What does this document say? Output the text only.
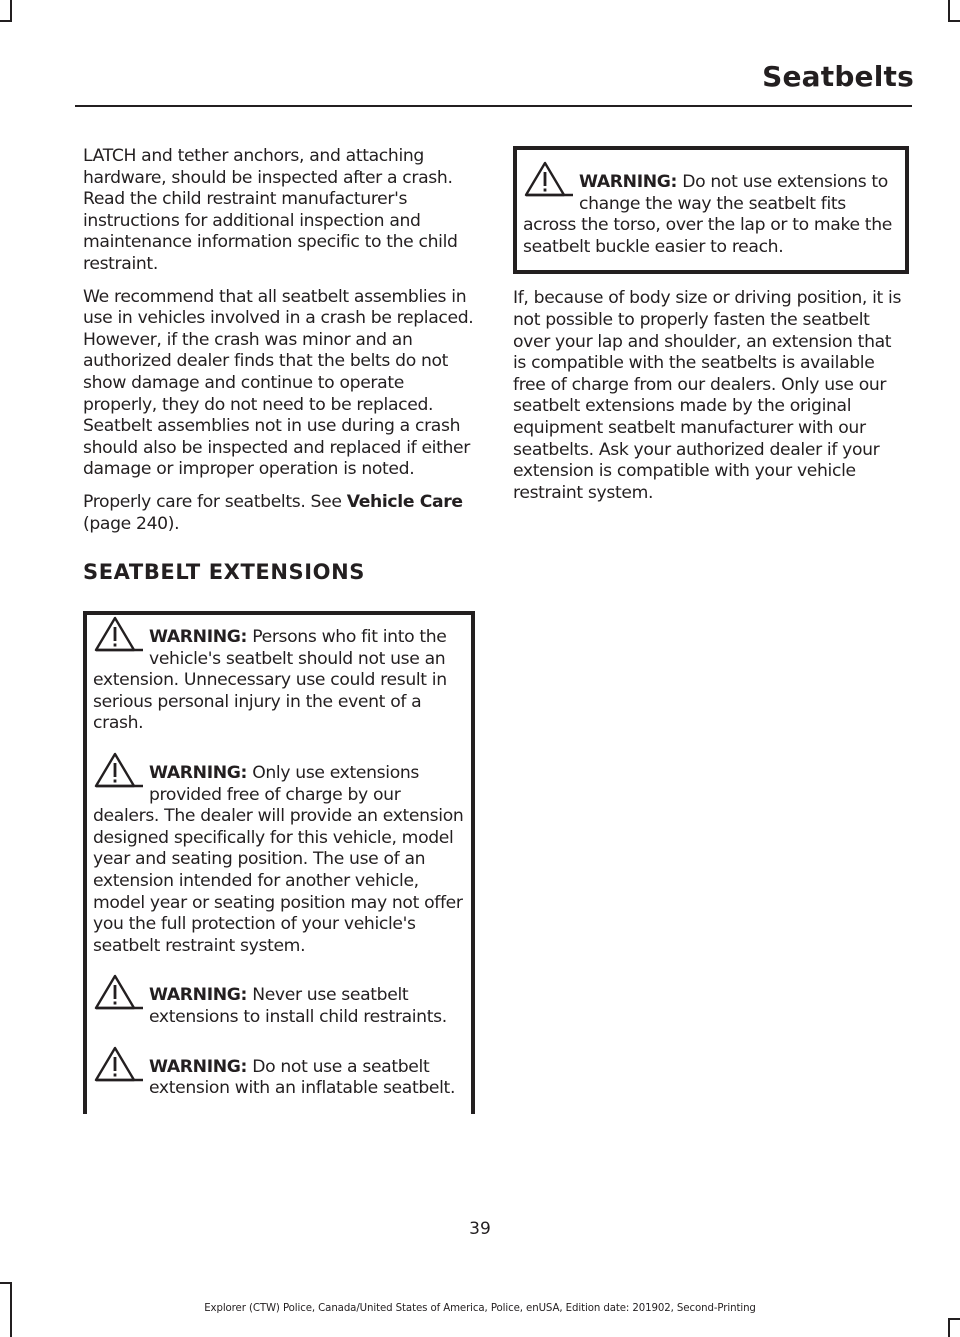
Seatbelts

LATCH and tether anchors, and attaching hardware, should be inspected after a crash. Read the child restraint manufacturer's instructions for additional inspection and maintenance information specific to the child restraint.

We recommend that all seatbelt assemblies in use in vehicles involved in a crash be replaced. However, if the crash was minor and an authorized dealer finds that the belts do not show damage and continue to operate properly, they do not need to be replaced. Seatbelt assemblies not in use during a crash should also be inspected and replaced if either damage or improper operation is noted.

Properly care for seatbelts. See Vehicle Care (page 240).

SEATBELT EXTENSIONS

WARNING: Persons who fit into the vehicle's seatbelt should not use an extension. Unnecessary use could result in serious personal injury in the event of a crash.

WARNING: Only use extensions provided free of charge by our dealers. The dealer will provide an extension designed specifically for this vehicle, model year and seating position. The use of an extension intended for another vehicle, model year or seating position may not offer you the full protection of your vehicle's seatbelt restraint system.

WARNING: Never use seatbelt extensions to install child restraints.

WARNING: Do not use a seatbelt extension with an inflatable seatbelt.

WARNING: Do not use extensions to change the way the seatbelt fits across the torso, over the lap or to make the seatbelt buckle easier to reach.

If, because of body size or driving position, it is not possible to properly fasten the seatbelt over your lap and shoulder, an extension that is compatible with the seatbelts is available free of charge from our dealers. Only use our seatbelt extensions made by the original equipment seatbelt manufacturer with our seatbelts. Ask your authorized dealer if your extension is compatible with your vehicle restraint system.

39
Explorer (CTW) Police, Canada/United States of America, Police, enUSA, Edition date: 201902, Second-Printing
